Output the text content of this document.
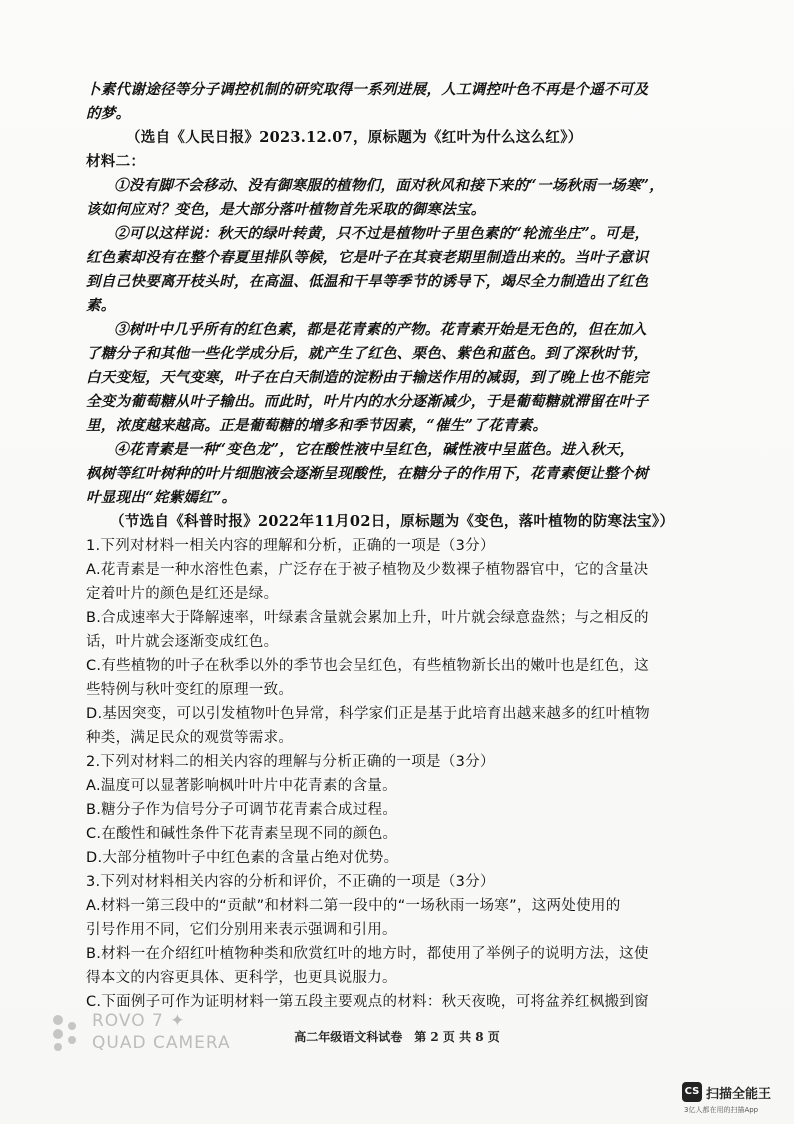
卜素代谢途径等分子调控机制的研究取得一系列进展，人工调控叶色不再是个遥不可及
的梦。
（选自《人民日报》2023.12.07，原标题为《红叶为什么这么红》）
材料二：
①没有脚不会移动、没有御寒服的植物们，面对秋风和接下来的“一场秋雨一场寒”，
该如何应对？变色，是大部分落叶植物首先采取的御寒法宝。
②可以这样说：秋天的绿叶转黄，只不过是植物叶子里色素的“轮流坐庄”。可是，
红色素却没有在整个春夏里排队等候，它是叶子在其衰老期里制造出来的。当叶子意识
到自己快要离开枝头时，在高温、低温和干旱等季节的诱导下，竭尽全力制造出了红色
素。
③树叶中几乎所有的红色素，都是花青素的产物。花青素开始是无色的，但在加入
了糖分子和其他一些化学成分后，就产生了红色、栗色、紫色和蓝色。到了深秋时节，
白天变短，天气变寒，叶子在白天制造的淀粉由于输送作用的减弱，到了晚上也不能完
全变为葡萄糖从叶子输出。而此时，叶片内的水分逐渐减少，于是葡萄糖就滞留在叶子
里，浓度越来越高。正是葡萄糖的增多和季节因素，“催生”了花青素。
④花青素是一种“变色龙”，它在酸性液中呈红色，碱性液中呈蓝色。进入秋天，
枫树等红叶树种的叶片细胞液会逐渐呈现酸性，在糖分子的作用下，花青素便让整个树
叶显现出“姹紫嫣红”。
（节选自《科普时报》2022年11月02日，原标题为《变色，落叶植物的防寒法宝》）
1.下列对材料一相关内容的理解和分析，正确的一项是（3分）
A.花青素是一种水溶性色素，广泛存在于被子植物及少数裸子植物器官中，它的含量决
定着叶片的颜色是红还是绿。
B.合成速率大于降解速率，叶绿素含量就会累加上升，叶片就会绿意盎然；与之相反的
话，叶片就会逐渐变成红色。
C.有些植物的叶子在秋季以外的季节也会呈红色，有些植物新长出的嫩叶也是红色，这
些特例与秋叶变红的原理一致。
D.基因突变，可以引发植物叶色异常，科学家们正是基于此培育出越来越多的红叶植物
种类，满足民众的观赏等需求。
2.下列对材料二的相关内容的理解与分析正确的一项是（3分）
A.温度可以显著影响枫叶叶片中花青素的含量。
B.糖分子作为信号分子可调节花青素合成过程。
C.在酸性和碱性条件下花青素呈现不同的颜色。
D.大部分植物叶子中红色素的含量占绝对优势。
3.下列对材料相关内容的分析和评价，不正确的一项是（3分）
A.材料一第三段中的“贡献”和材料二第一段中的“一场秋雨一场寒”，这两处使用的
引号作用不同，它们分别用来表示强调和引用。
B.材料一在介绍红叶植物种类和欣赏红叶的地方时，都使用了举例子的说明方法，这使
得本文的内容更具体、更科学，也更具说服力。
C.下面例子可作为证明材料一第五段主要观点的材料：秋天夜晚，可将盆养红枫搬到窗
高二年级语文科试卷　第 2 页 共 8 页
ROVO 7 ✦
QUAD CAMERA
CS 扫描全能王
3亿人都在用的扫描App
